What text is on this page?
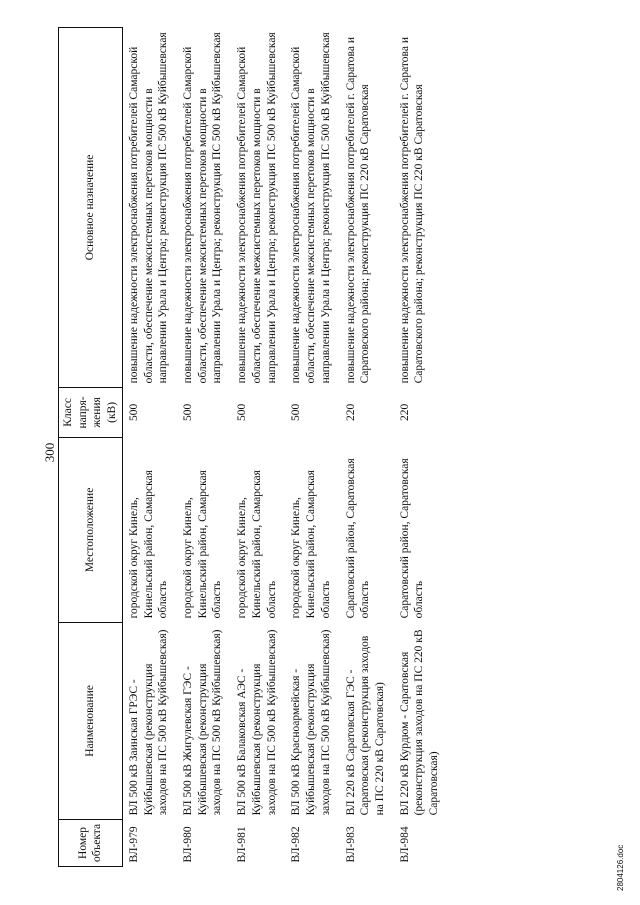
300
Номер объекта	Наименование	Местоположение	Класс напря-жения (кВ)	Основное назначение
ВЛ-979	ВЛ 500 кВ Заинская ГРЭС - Куйбышевская (реконструкция заходов на ПС 500 кВ Куйбышевская)	городской округ Кинель, Кинельский район, Самарская область	500	повышение надежности электроснабжения потребителей Самарской области, обеспечение межсистемных перетоков мощности в направлении Урала и Центра; реконструкция ПС 500 кВ Куйбышевская
ВЛ-980	ВЛ 500 кВ Жигулевская ГЭС - Куйбышевская (реконструкция заходов на ПС 500 кВ Куйбышевская)	городской округ Кинель, Кинельский район, Самарская область	500	повышение надежности электроснабжения потребителей Самарской области, обеспечение межсистемных перетоков мощности в направлении Урала и Центра; реконструкция ПС 500 кВ Куйбышевская
ВЛ-981	ВЛ 500 кВ Балаковская АЭС - Куйбышевская (реконструкция заходов на ПС 500 кВ Куйбышевская)	городской округ Кинель, Кинельский район, Самарская область	500	повышение надежности электроснабжения потребителей Самарской области, обеспечение межсистемных перетоков мощности в направлении Урала и Центра; реконструкция ПС 500 кВ Куйбышевская
ВЛ-982	ВЛ 500 кВ Красноармейская - Куйбышевская (реконструкция заходов на ПС 500 кВ Куйбышевская)	городской округ Кинель, Кинельский район, Самарская область	500	повышение надежности электроснабжения потребителей Самарской области, обеспечение межсистемных перетоков мощности в направлении Урала и Центра; реконструкция ПС 500 кВ Куйбышевская
ВЛ-983	ВЛ 220 кВ Саратовская ГЭС - Саратовская (реконструкция заходов на ПС 220 кВ Саратовская)	Саратовский район, Саратовская область	220	повышение надежности электроснабжения потребителей г. Саратова и Саратовского района; реконструкция ПС 220 кВ Саратовская
ВЛ-984	ВЛ 220 кВ Курдюм - Саратовская (реконструкция заходов на ПС 220 кВ Саратовская)	Саратовский район, Саратовская область	220	повышение надежности электроснабжения потребителей г. Саратова и Саратовского района; реконструкция ПС 220 кВ Саратовская
2804126.doc
